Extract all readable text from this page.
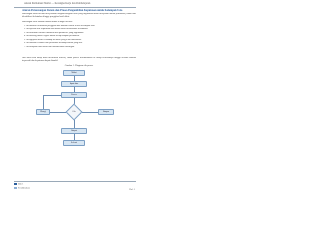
Aturan Permainan Nutrisi — Kerangka Kerja dan Pembelajaran
Aturan Perancangan Sistem dan Proses Pengambilan Keputusan untuk Kelompok Usia
Rancangan dasar berikut menjelaskan langkah-langkah awal yang digunakan untuk menyusun aturan permainan, mulai dari identifikasi kebutuhan hingga pengujian hasil akhir.
Rancangan awal disusun dalam urutan sebagai berikut :
1. Identifikasi kebutuhan pengguna dan batasan sistem sesuai kelompok usia.
2. Menyusun alur keputusan dan aturan dasar berdasarkan kebutuhan.
3. Menentukan variabel masukan dan parameter yang digunakan.
4. Merancang model logika untuk setiap tahapan permainan.
5. Mengujikan model terhadap skenario yang telah ditentukan.
6. Melakukan evaluasi dan perbaikan terhadap aturan yang ada.
7. Menetapkan hasil akhir dan dokumentasi rancangan.
Jika salah satu tahap tidak memenuhi kriteria, maka proses dikembalikan ke tahap sebelumnya hingga seluruh kondisi terpenuhi dan keputusan dapat diambil.
Gambar 1. Diagram alir proses
Mulai
Input data
Proses
Cek
Ulangi	Simpan
Output
Selesai
Bab 1
Pendahuluan
Hal. 1
